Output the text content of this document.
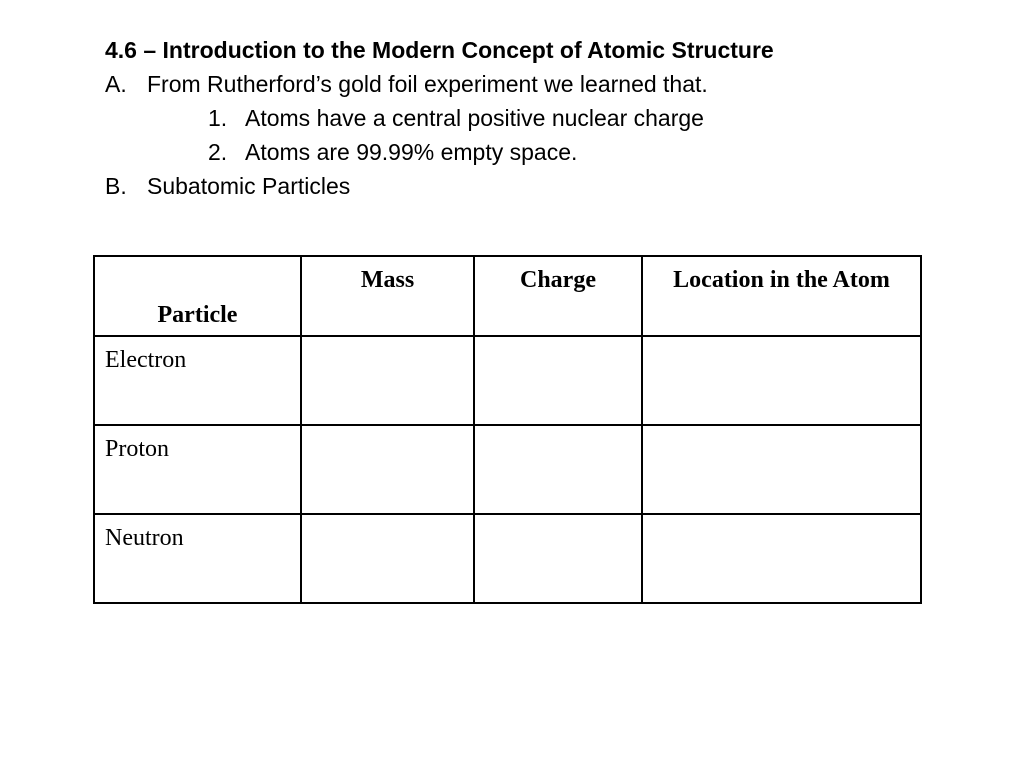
4.6 – Introduction to the Modern Concept of Atomic Structure
A. From Rutherford’s gold foil experiment we learned that.
1. Atoms have a central positive nuclear charge
2. Atoms are 99.99% empty space.
B. Subatomic Particles
Particle	Mass	Charge	Location in the Atom
Electron			
Proton			
Neutron			
